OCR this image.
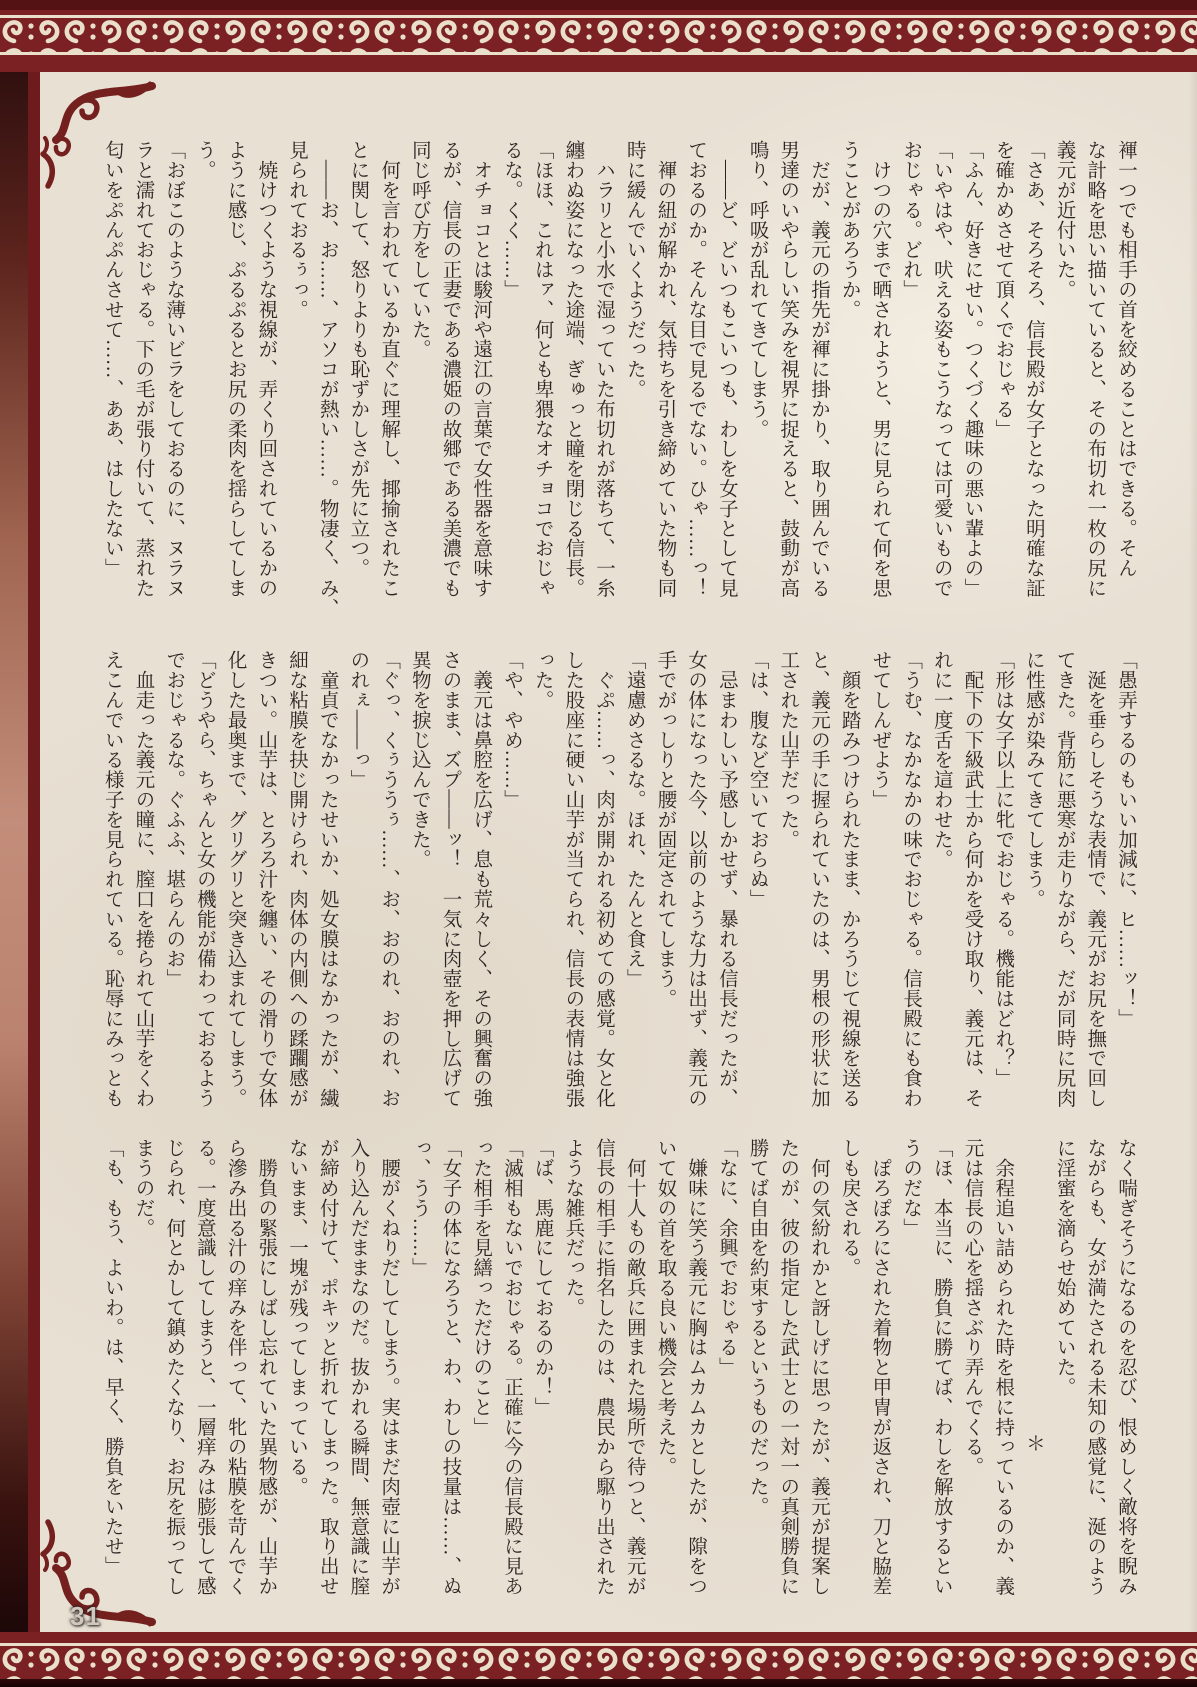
褌一つでも相手の首を絞めることはできる。そん
な計略を思い描いていると、その布切れ一枚の尻に
義元が近付いた。
「さあ、そろそろ、信長殿が女子となった明確な証
を確かめさせて頂くでおじゃる」
「ふん、好きにせい。つくづく趣味の悪い輩よの」
「いやはや、吠える姿もこうなっては可愛いもので
おじゃる。どれ」
　けつの穴まで晒されようと、男に見られて何を思
うことがあろうか。
　だが、義元の指先が褌に掛かり、取り囲んでいる
男達のいやらしい笑みを視界に捉えると、鼓動が高
鳴り、呼吸が乱れてきてしまう。
　――ど、どいつもこいつも、わしを女子として見
ておるのか。そんな目で見るでない。ひゃ……っ！
　褌の紐が解かれ、気持ちを引き締めていた物も同
時に緩んでいくようだった。
　ハラリと小水で湿っていた布切れが落ちて、一糸
纏わぬ姿になった途端、ぎゅっと瞳を閉じる信長。
「ほほ、これはァ、何とも卑猥なオチョコでおじゃ
るな。くく……」
　オチョコとは駿河や遠江の言葉で女性器を意味す
るが、信長の正妻である濃姫の故郷である美濃でも
同じ呼び方をしていた。
　何を言われているか直ぐに理解し、揶揄されたこ
とに関して、怒りよりも恥ずかしさが先に立つ。
　――お、お……、アソコが熱い……。物凄く、み、
見られておるぅっ。
　焼けつくような視線が、弄くり回されているかの
ように感じ、ぷるぷるとお尻の柔肉を揺らしてしま
う。
「おぼこのような薄いビラをしておるのに、ヌラヌ
ラと濡れておじゃる。下の毛が張り付いて、蒸れた
匂いをぷんぷんさせて……、ああ、はしたない」
「愚弄するのもいい加減に、ヒ……ッ！」
　涎を垂らしそうな表情で、義元がお尻を撫で回し
てきた。背筋に悪寒が走りながら、だが同時に尻肉
に性感が染みてきてしまう。
「形は女子以上に牝でおじゃる。機能はどれ？」
　配下の下級武士から何かを受け取り、義元は、そ
れに一度舌を這わせた。
「うむ、なかなかの味でおじゃる。信長殿にも食わ
せてしんぜよう」
　顔を踏みつけられたまま、かろうじて視線を送る
と、義元の手に握られていたのは、男根の形状に加
工された山芋だった。
「は、腹など空いておらぬ」
　忌まわしい予感しかせず、暴れる信長だったが、
女の体になった今、以前のような力は出ず、義元の
手でがっしりと腰が固定されてしまう。
「遠慮めさるな。ほれ、たんと食え」
　ぐぷ……っ、肉が開かれる初めての感覚。女と化
した股座に硬い山芋が当てられ、信長の表情は強張
った。
「や、やめ……」
　義元は鼻腔を広げ、息も荒々しく、その興奮の強
さのまま、ズプ――ッ！　一気に肉壺を押し広げて
異物を捩じ込んできた。
「ぐっ、くぅううぅ……、お、おのれ、おのれ、お
のれぇ――っ」
　童貞でなかったせいか、処女膜はなかったが、繊
細な粘膜を抉じ開けられ、肉体の内側への蹂躙感が
きつい。山芋は、とろろ汁を纏い、その滑りで女体
化した最奥まで、グリグリと突き込まれてしまう。
「どうやら、ちゃんと女の機能が備わっておるよう
でおじゃるな。ぐふふ、堪らんのお」
　血走った義元の瞳に、膣口を捲られて山芋をくわ
えこんでいる様子を見られている。恥辱にみっとも
なく喘ぎそうになるのを忍び、恨めしく敵将を睨み
ながらも、女が満たされる未知の感覚に、涎のよう
に淫蜜を滴らせ始めていた。
＊
　余程追い詰められた時を根に持っているのか、義
元は信長の心を揺さぶり弄んでくる。
「ほ、本当に、勝負に勝てば、わしを解放するとい
うのだな」
　ぽろぽろにされた着物と甲冑が返され、刀と脇差
しも戻される。
　何の気紛れかと訝しげに思ったが、義元が提案し
たのが、彼の指定した武士との一対一の真剣勝負に
勝てば自由を約束するというものだった。
「なに、余興でおじゃる」
　嫌味に笑う義元に胸はムカムカとしたが、隙をつ
いて奴の首を取る良い機会と考えた。
　何十人もの敵兵に囲まれた場所で待つと、義元が
信長の相手に指名したのは、農民から駆り出された
ような雑兵だった。
「ば、馬鹿にしておるのか！」
「滅相もないでおじゃる。正確に今の信長殿に見あ
った相手を見繕っただけのこと」
「女子の体になろうと、わ、わしの技量は……、ぬ
っ、うう……」
　腰がくねりだしてしまう。実はまだ肉壺に山芋が
入り込んだままなのだ。抜かれる瞬間、無意識に膣
が締め付けて、ポキッと折れてしまった。取り出せ
ないまま、一塊が残ってしまっている。
　勝負の緊張にしばし忘れていた異物感が、山芋か
ら滲み出る汁の痒みを伴って、牝の粘膜を苛んでく
る。一度意識してしまうと、一層痒みは膨張して感
じられ、何とかして鎮めたくなり、お尻を振ってし
まうのだ。
「も、もう、よいわ。は、早く、勝負をいたせ」
31
